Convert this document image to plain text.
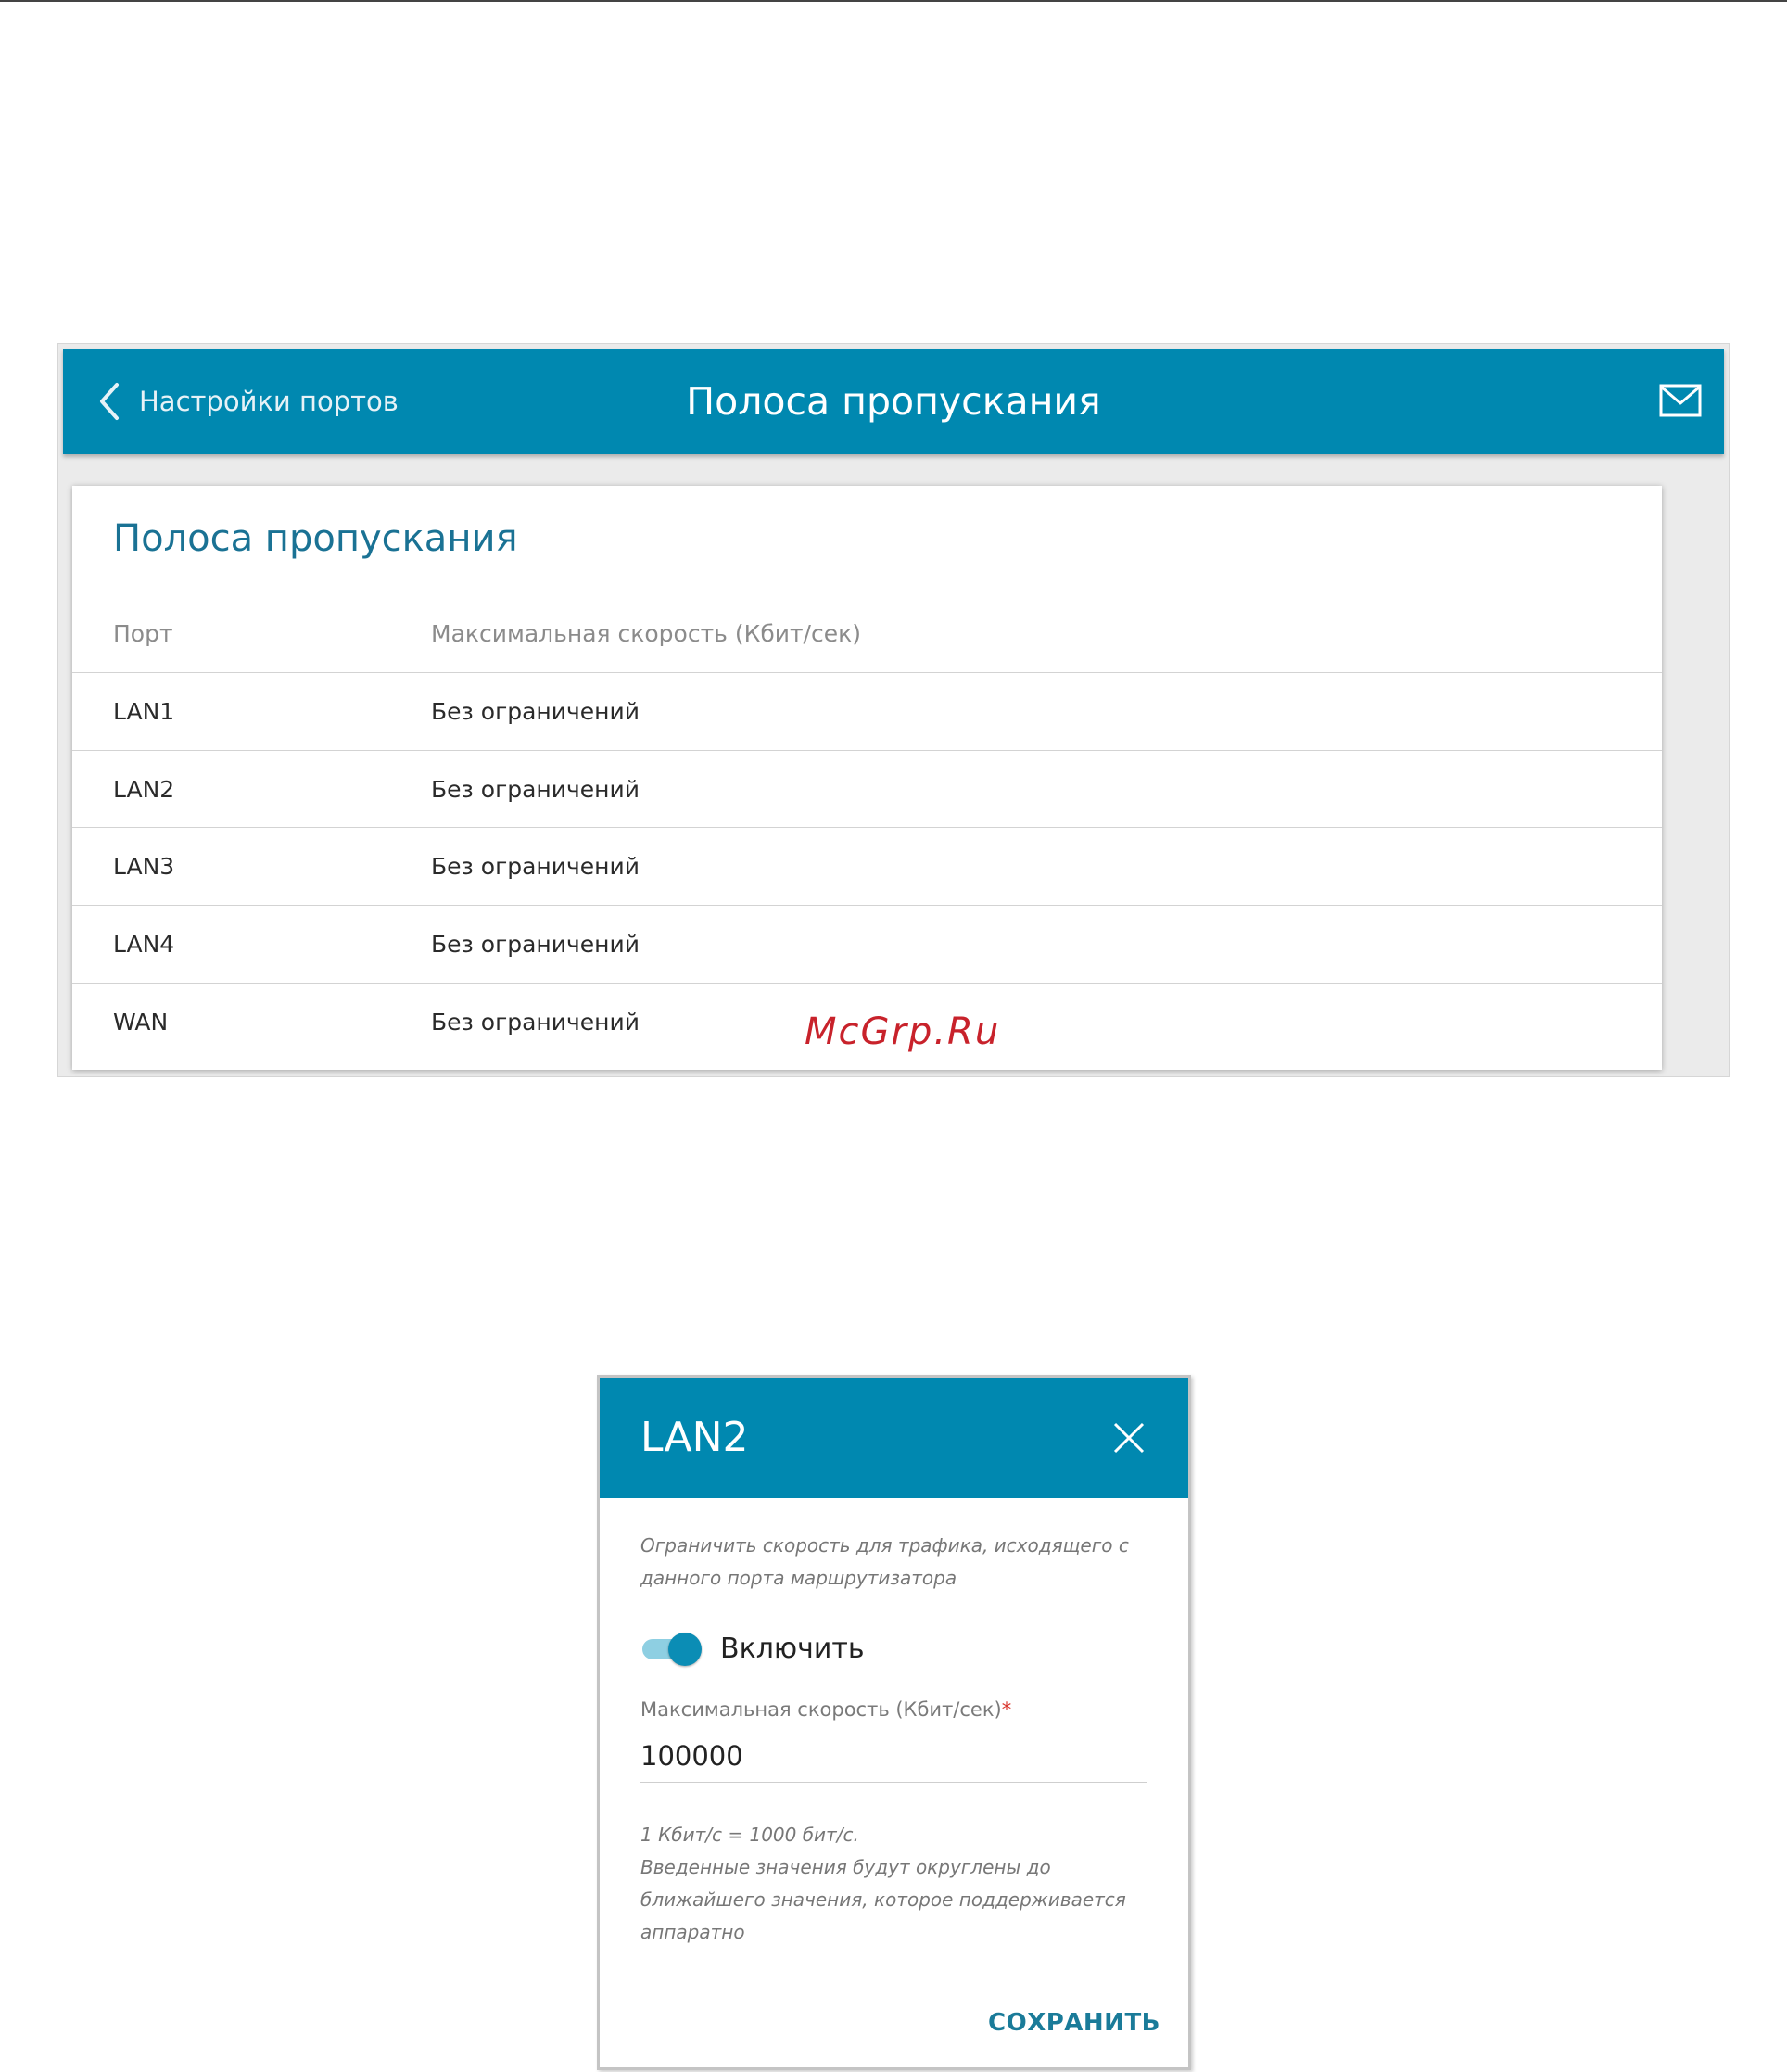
Настройки портов	Полоса пропускания
Полоса пропускания
Порт	Максимальная скорость (Кбит/сек)
LAN1	Без ограничений
LAN2	Без ограничений
LAN3	Без ограничений
LAN4	Без ограничений
WAN	Без ограничений	McGrp.Ru
LAN2
Ограничить скорость для трафика, исходящего с данного порта маршрутизатора
Включить
Максимальная скорость (Кбит/сек)*
100000
1 Кбит/с = 1000 бит/с.
Введенные значения будут округлены до ближайшего значения, которое поддерживается аппаратно
СОХРАНИТЬ
